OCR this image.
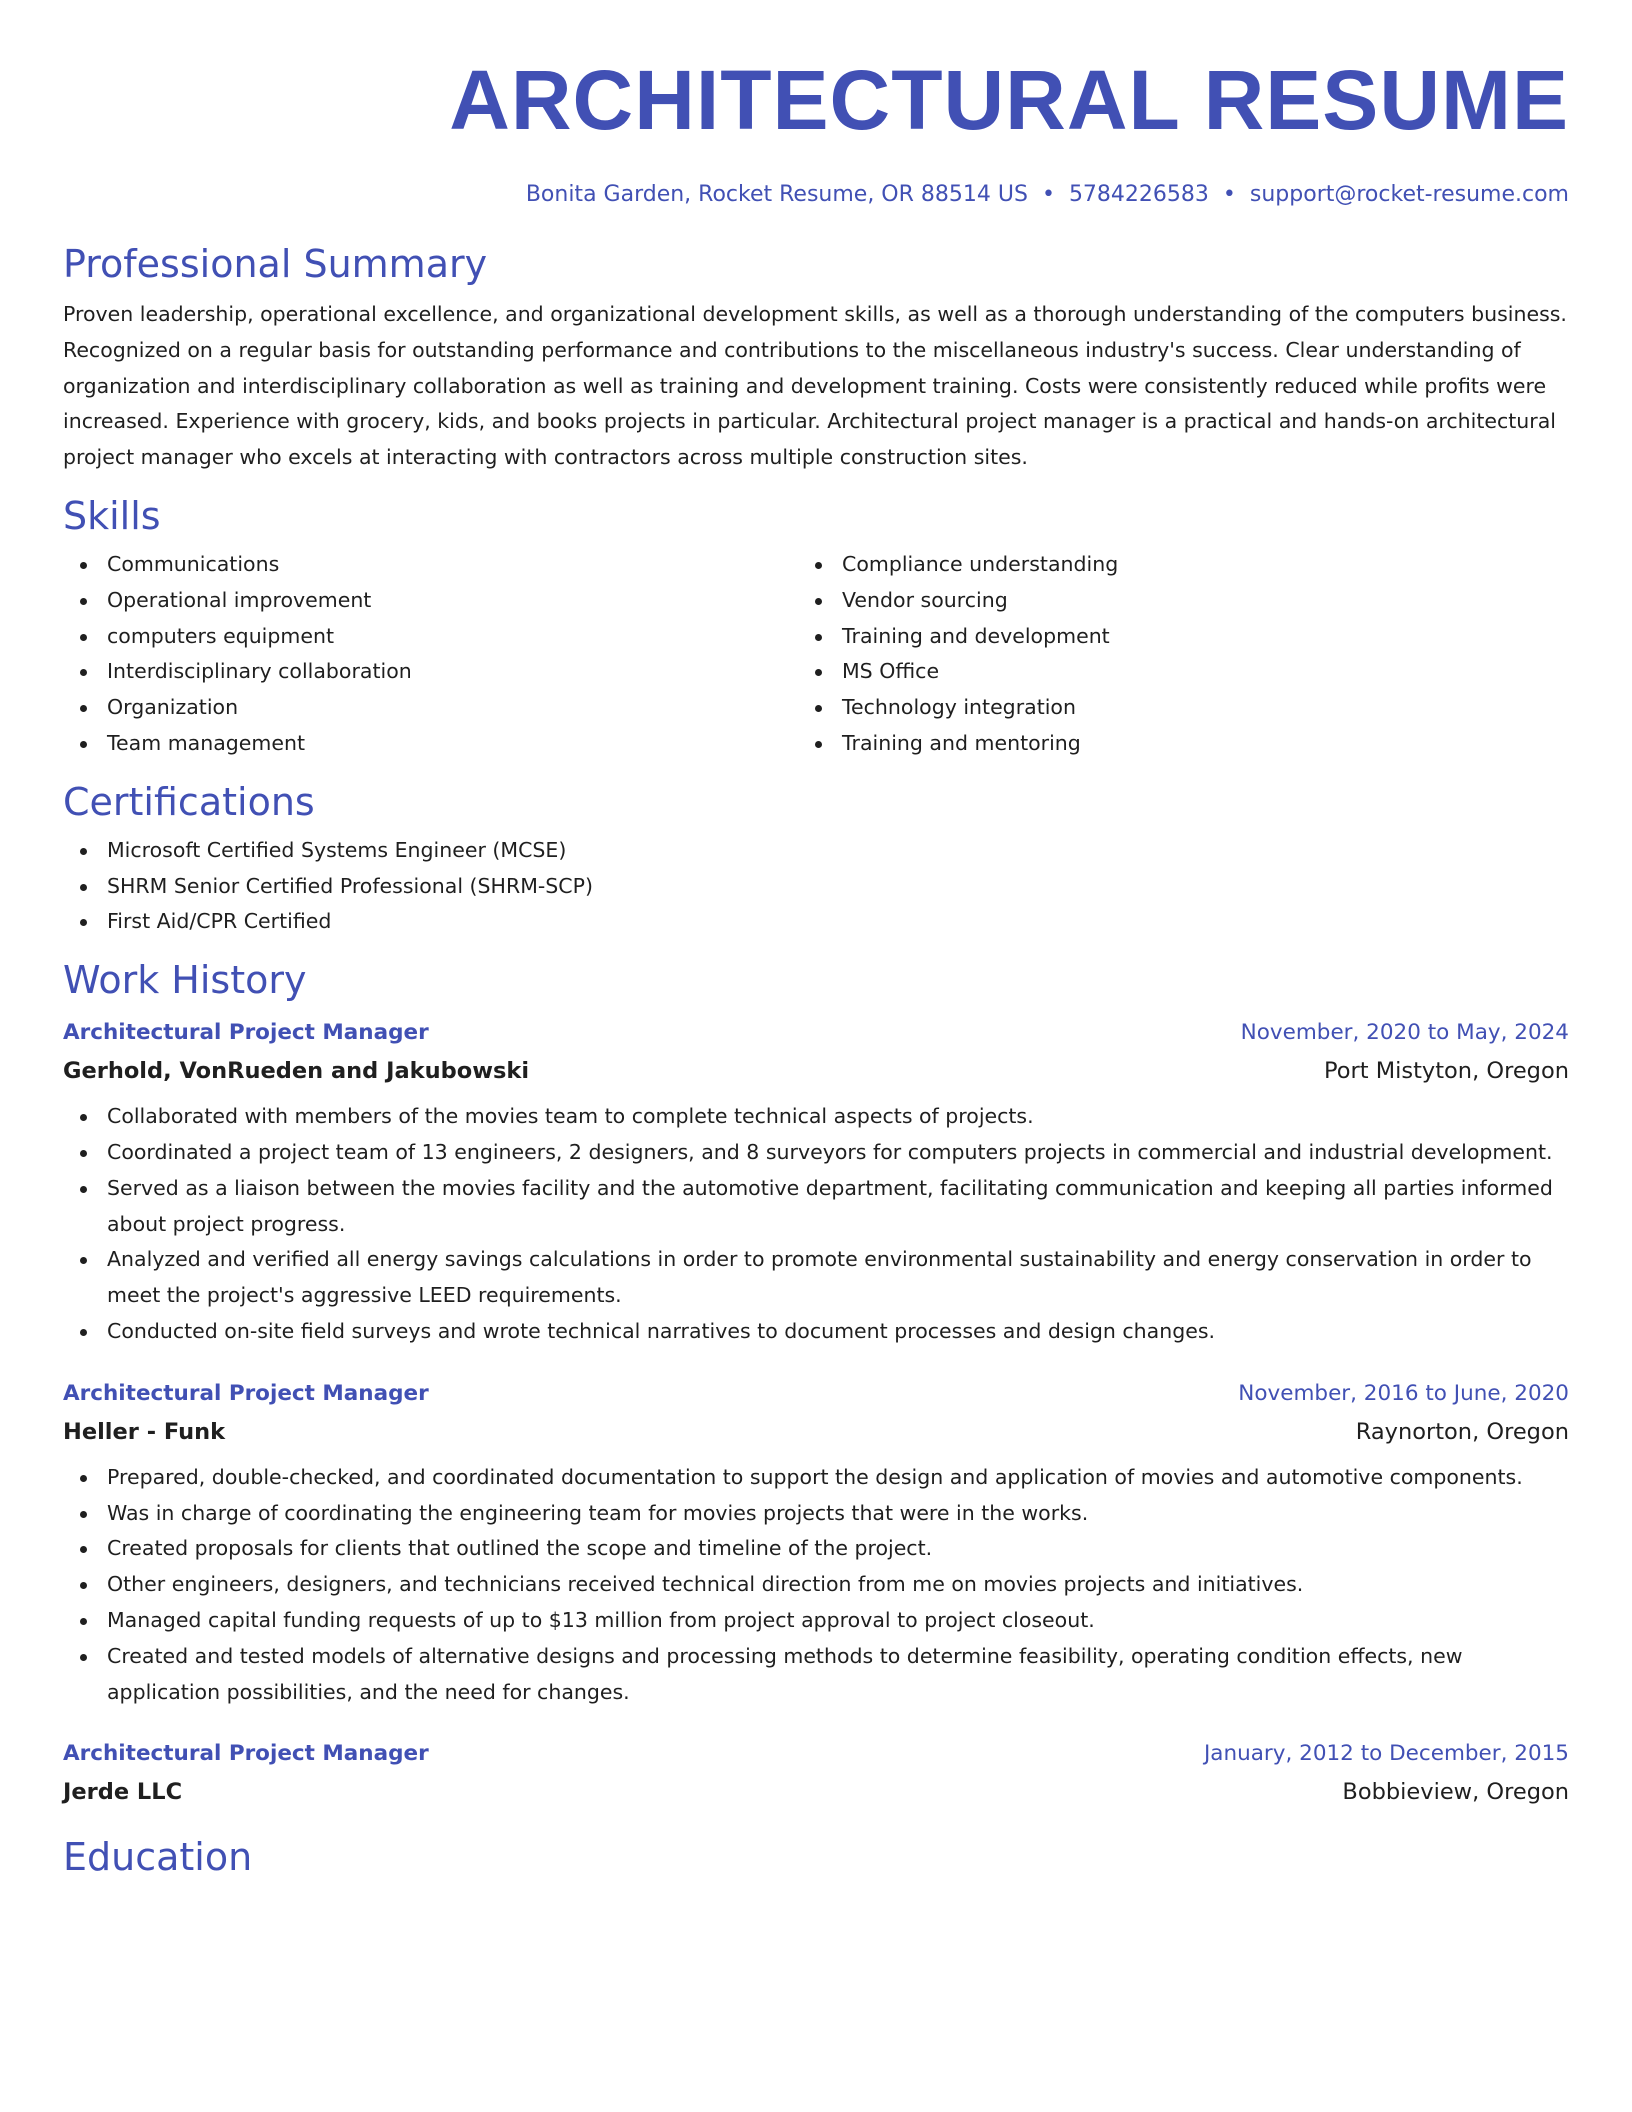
ARCHITECTURAL RESUME
Bonita Garden, Rocket Resume, OR 88514 US • 5784226583 • support@rocket-resume.com
Professional Summary

Proven leadership, operational excellence, and organizational development skills, as well as a thorough understanding of the computers business. Recognized on a regular basis for outstanding performance and contributions to the miscellaneous industry's success. Clear understanding of organization and interdisciplinary collaboration as well as training and development training. Costs were consistently reduced while profits were increased. Experience with grocery, kids, and books projects in particular. Architectural project manager is a practical and hands-on architectural project manager who excels at interacting with contractors across multiple construction sites.

Skills
Communications
Operational improvement
computers equipment
Interdisciplinary collaboration
Organization
Team management
Compliance understanding
Vendor sourcing
Training and development
MS Office
Technology integration
Training and mentoring
Certifications
Microsoft Certified Systems Engineer (MCSE)
SHRM Senior Certified Professional (SHRM-SCP)
First Aid/CPR Certified
Work History
Architectural Project Manager	November, 2020 to May, 2024
Gerhold, VonRueden and Jakubowski	Port Mistyton, Oregon
Collaborated with members of the movies team to complete technical aspects of projects.
Coordinated a project team of 13 engineers, 2 designers, and 8 surveyors for computers projects in commercial and industrial development.
Served as a liaison between the movies facility and the automotive department, facilitating communication and keeping all parties informed about project progress.
Analyzed and verified all energy savings calculations in order to promote environmental sustainability and energy conservation in order to meet the project's aggressive LEED requirements.
Conducted on-site field surveys and wrote technical narratives to document processes and design changes.
Architectural Project Manager	November, 2016 to June, 2020
Heller - Funk	Raynorton, Oregon
Prepared, double-checked, and coordinated documentation to support the design and application of movies and automotive components.
Was in charge of coordinating the engineering team for movies projects that were in the works.
Created proposals for clients that outlined the scope and timeline of the project.
Other engineers, designers, and technicians received technical direction from me on movies projects and initiatives.
Managed capital funding requests of up to $13 million from project approval to project closeout.
Created and tested models of alternative designs and processing methods to determine feasibility, operating condition effects, new application possibilities, and the need for changes.
Architectural Project Manager	January, 2012 to December, 2015
Jerde LLC	Bobbieview, Oregon
Education
